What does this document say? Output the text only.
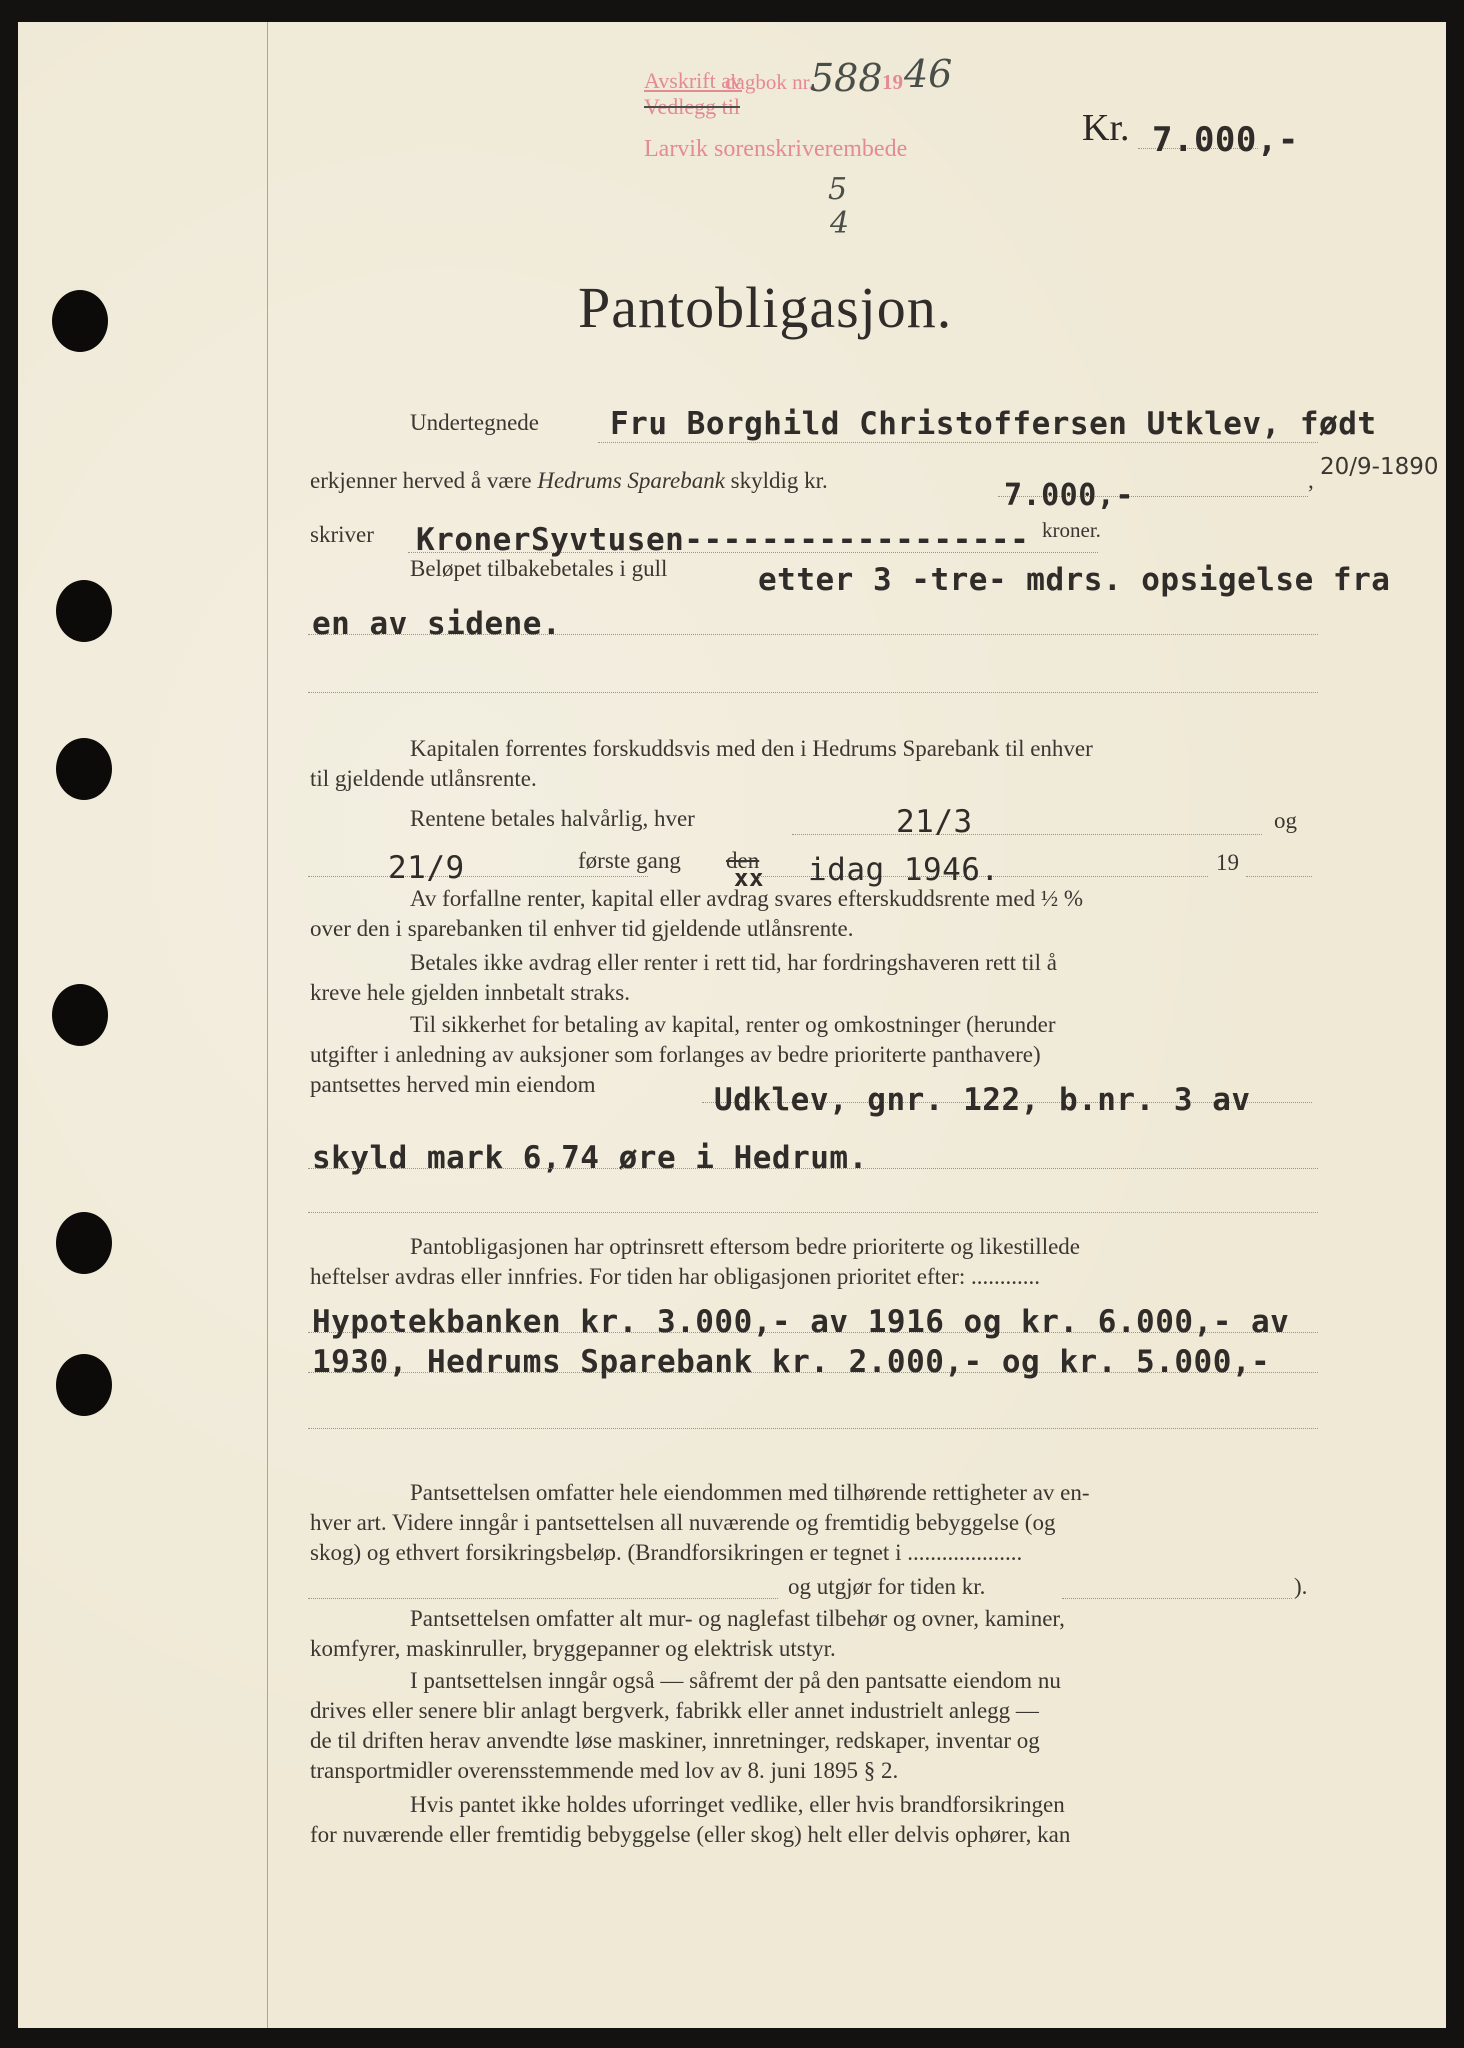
Avskrift av
Vedlegg til
dagbok nr.
588 19 46
Larvik sorenskriverembede
5
4
Kr. 7.000,-
Pantobligasjon.
Undertegnede Fru Borghild Christoffersen Utklev, født
20/9-1890
erkjenner herved å være Hedrums Sparebank skyldig kr.	7.000,-	,
skriver KronerSyvtusen------------------ kroner.
Beløpet tilbakebetales i gull	etter 3 -tre- mdrs. opsigelse fra
en av sidene.
Kapitalen forrentes forskuddsvis med den i Hedrums Sparebank til enhver
til gjeldende utlånsrente.
Rentene betales halvårlig, hver	21/3	og
21/9	første gang den
xx idag 1946.	19
Av forfallne renter, kapital eller avdrag svares efterskuddsrente med ½ %
over den i sparebanken til enhver tid gjeldende utlånsrente.
Betales ikke avdrag eller renter i rett tid, har fordringshaveren rett til å
kreve hele gjelden innbetalt straks.
Til sikkerhet for betaling av kapital, renter og omkostninger (herunder
utgifter i anledning av auksjoner som forlanges av bedre prioriterte panthavere)
pantsettes herved min eiendom	Udklev, gnr. 122, b.nr. 3 av
skyld mark 6,74 øre i Hedrum.
Pantobligasjonen har optrinsrett eftersom bedre prioriterte og likestillede
heftelser avdras eller innfries. For tiden har obligasjonen prioritet efter: ............
Hypotekbanken kr. 3.000,- av 1916 og kr. 6.000,- av
1930, Hedrums Sparebank kr. 2.000,- og kr. 5.000,-
Pantsettelsen omfatter hele eiendommen med tilhørende rettigheter av en-
hver art. Videre inngår i pantsettelsen all nuværende og fremtidig bebyggelse (og
skog) og ethvert forsikringsbeløp. (Brandforsikringen er tegnet i ....................
og utgjør for tiden kr.	).
Pantsettelsen omfatter alt mur- og naglefast tilbehør og ovner, kaminer,
komfyrer, maskinruller, bryggepanner og elektrisk utstyr.
I pantsettelsen inngår også — såfremt der på den pantsatte eiendom nu
drives eller senere blir anlagt bergverk, fabrikk eller annet industrielt anlegg —
de til driften herav anvendte løse maskiner, innretninger, redskaper, inventar og
transportmidler overensstemmende med lov av 8. juni 1895 § 2.
Hvis pantet ikke holdes uforringet vedlike, eller hvis brandforsikringen
for nuværende eller fremtidig bebyggelse (eller skog) helt eller delvis ophører, kan
